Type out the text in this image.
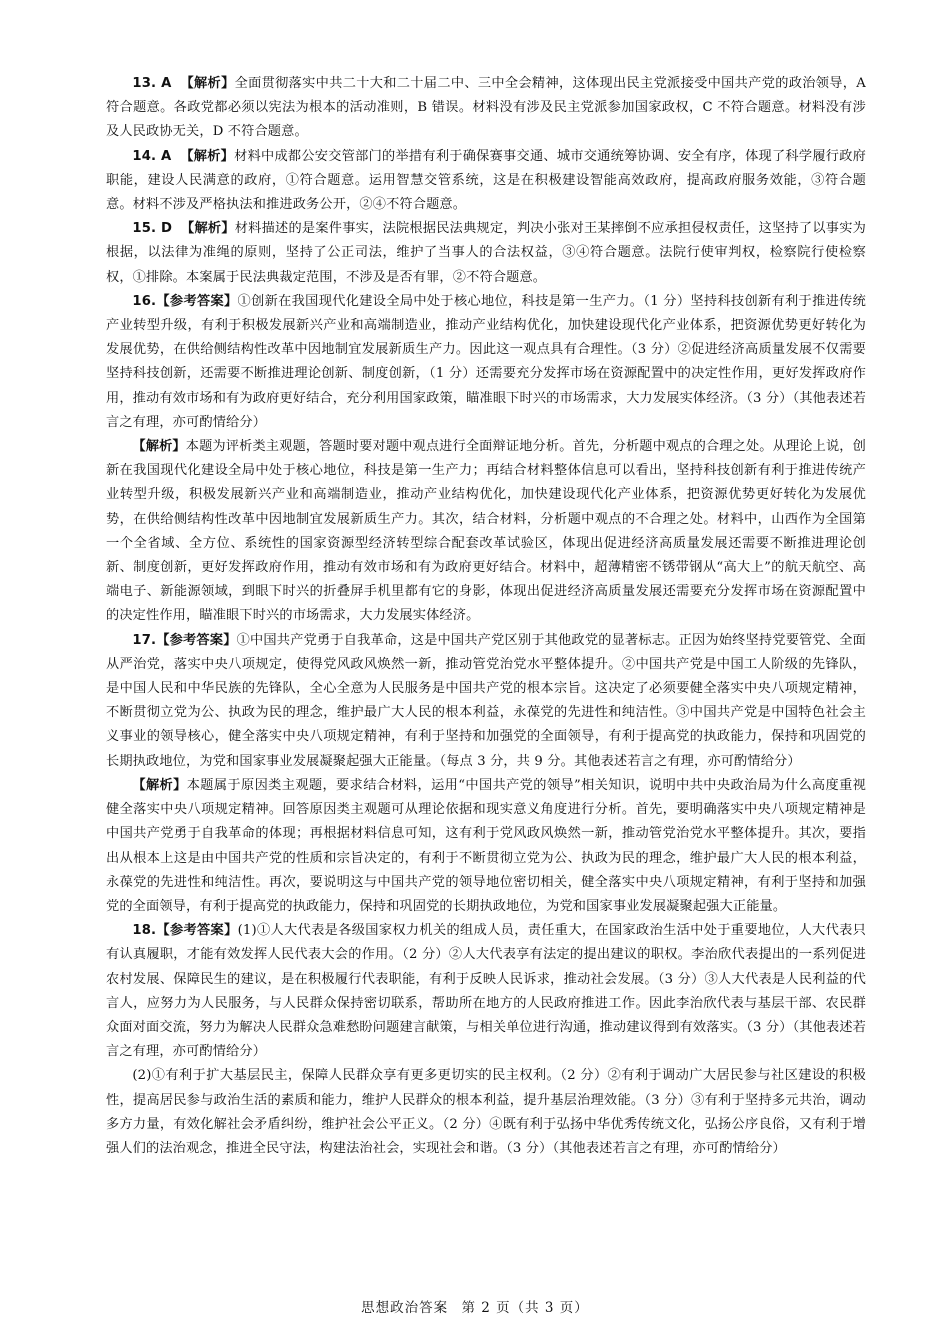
13. A 【解析】全面贯彻落实中共二十大和二十届二中、三中全会精神，这体现出民主党派接受中国共产党的政治领导，A 符合题意。各政党都必须以宪法为根本的活动准则，B 错误。材料没有涉及民主党派参加国家政权，C 不符合题意。材料没有涉及人民政协无关，D 不符合题意。

14. A 【解析】材料中成都公安交管部门的举措有利于确保赛事交通、城市交通统筹协调、安全有序，体现了科学履行政府职能，建设人民满意的政府，①符合题意。运用智慧交管系统，这是在积极建设智能高效政府，提高政府服务效能，③符合题意。材料不涉及严格执法和推进政务公开，②④不符合题意。

15. D 【解析】材料描述的是案件事实，法院根据民法典规定，判决小张对王某摔倒不应承担侵权责任，这坚持了以事实为根据，以法律为准绳的原则，坚持了公正司法，维护了当事人的合法权益，③④符合题意。法院行使审判权，检察院行使检察权，①排除。本案属于民法典裁定范围，不涉及是否有罪，②不符合题意。

16.【参考答案】①创新在我国现代化建设全局中处于核心地位，科技是第一生产力。（1 分）坚持科技创新有利于推进传统产业转型升级，有利于积极发展新兴产业和高端制造业，推动产业结构优化，加快建设现代化产业体系，把资源优势更好转化为发展优势，在供给侧结构性改革中因地制宜发展新质生产力。因此这一观点具有合理性。（3 分）②促进经济高质量发展不仅需要坚持科技创新，还需要不断推进理论创新、制度创新，（1 分）还需要充分发挥市场在资源配置中的决定性作用，更好发挥政府作用，推动有效市场和有为政府更好结合，充分利用国家政策，瞄准眼下时兴的市场需求，大力发展实体经济。（3 分）（其他表述若言之有理，亦可酌情给分）

【解析】本题为评析类主观题，答题时要对题中观点进行全面辩证地分析。首先，分析题中观点的合理之处。从理论上说，创新在我国现代化建设全局中处于核心地位，科技是第一生产力；再结合材料整体信息可以看出，坚持科技创新有利于推进传统产业转型升级，积极发展新兴产业和高端制造业，推动产业结构优化，加快建设现代化产业体系，把资源优势更好转化为发展优势，在供给侧结构性改革中因地制宜发展新质生产力。其次，结合材料，分析题中观点的不合理之处。材料中，山西作为全国第一个全省域、全方位、系统性的国家资源型经济转型综合配套改革试验区，体现出促进经济高质量发展还需要不断推进理论创新、制度创新，更好发挥政府作用，推动有效市场和有为政府更好结合。材料中，超薄精密不锈带钢从“高大上”的航天航空、高端电子、新能源领域，到眼下时兴的折叠屏手机里都有它的身影，体现出促进经济高质量发展还需要充分发挥市场在资源配置中的决定性作用，瞄准眼下时兴的市场需求，大力发展实体经济。

17.【参考答案】①中国共产党勇于自我革命，这是中国共产党区别于其他政党的显著标志。正因为始终坚持党要管党、全面从严治党，落实中央八项规定，使得党风政风焕然一新，推动管党治党水平整体提升。②中国共产党是中国工人阶级的先锋队，是中国人民和中华民族的先锋队，全心全意为人民服务是中国共产党的根本宗旨。这决定了必须要健全落实中央八项规定精神，不断贯彻立党为公、执政为民的理念，维护最广大人民的根本利益，永葆党的先进性和纯洁性。③中国共产党是中国特色社会主义事业的领导核心，健全落实中央八项规定精神，有利于坚持和加强党的全面领导，有利于提高党的执政能力，保持和巩固党的长期执政地位，为党和国家事业发展凝聚起强大正能量。（每点 3 分，共 9 分。其他表述若言之有理，亦可酌情给分）

【解析】本题属于原因类主观题，要求结合材料，运用“中国共产党的领导”相关知识，说明中共中央政治局为什么高度重视健全落实中央八项规定精神。回答原因类主观题可从理论依据和现实意义角度进行分析。首先，要明确落实中央八项规定精神是中国共产党勇于自我革命的体现；再根据材料信息可知，这有利于党风政风焕然一新，推动管党治党水平整体提升。其次，要指出从根本上这是由中国共产党的性质和宗旨决定的，有利于不断贯彻立党为公、执政为民的理念，维护最广大人民的根本利益，永葆党的先进性和纯洁性。再次，要说明这与中国共产党的领导地位密切相关，健全落实中央八项规定精神，有利于坚持和加强党的全面领导，有利于提高党的执政能力，保持和巩固党的长期执政地位，为党和国家事业发展凝聚起强大正能量。

18.【参考答案】(1)①人大代表是各级国家权力机关的组成人员，责任重大，在国家政治生活中处于重要地位，人大代表只有认真履职，才能有效发挥人民代表大会的作用。（2 分）②人大代表享有法定的提出建议的职权。李治欣代表提出的一系列促进农村发展、保障民生的建议，是在积极履行代表职能，有利于反映人民诉求，推动社会发展。（3 分）③人大代表是人民利益的代言人，应努力为人民服务，与人民群众保持密切联系，帮助所在地方的人民政府推进工作。因此李治欣代表与基层干部、农民群众面对面交流，努力为解决人民群众急难愁盼问题建言献策，与相关单位进行沟通，推动建议得到有效落实。（3 分）（其他表述若言之有理，亦可酌情给分）

(2)①有利于扩大基层民主，保障人民群众享有更多更切实的民主权利。（2 分）②有利于调动广大居民参与社区建设的积极性，提高居民参与政治生活的素质和能力，维护人民群众的根本利益，提升基层治理效能。（3 分）③有利于坚持多元共治，调动多方力量，有效化解社会矛盾纠纷，维护社会公平正义。（2 分）④既有利于弘扬中华优秀传统文化，弘扬公序良俗，又有利于增强人们的法治观念，推进全民守法，构建法治社会，实现社会和谐。（3 分）（其他表述若言之有理，亦可酌情给分）

思想政治答案 第 2 页（共 3 页）
